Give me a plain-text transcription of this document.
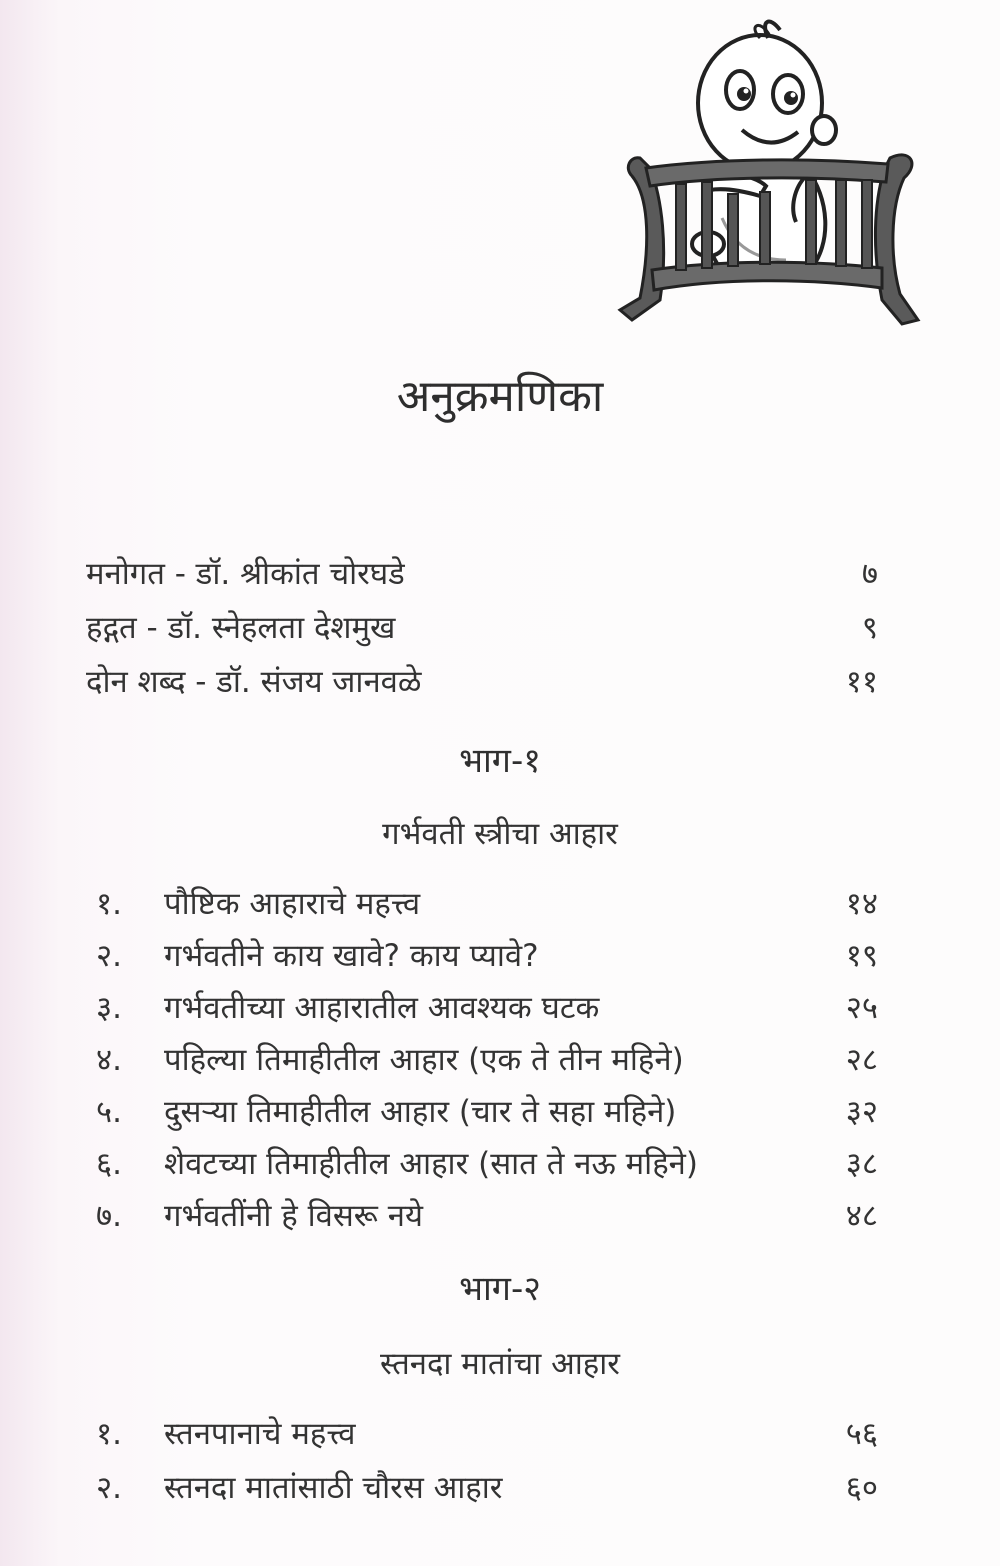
अनुक्रमणिका
मनोगत - डॉ. श्रीकांत चोरघडे	७
हद्गत - डॉ. स्नेहलता देशमुख	९
दोन शब्द - डॉ. संजय जानवळे	११
भाग-१
गर्भवती स्त्रीचा आहार
१.	पौष्टिक आहाराचे महत्त्व	१४
२.	गर्भवतीने काय खावे? काय प्यावे?	१९
३.	गर्भवतीच्या आहारातील आवश्यक घटक	२५
४.	पहिल्या तिमाहीतील आहार (एक ते तीन महिने)	२८
५.	दुसऱ्या तिमाहीतील आहार (चार ते सहा महिने)	३२
६.	शेवटच्या तिमाहीतील आहार (सात ते नऊ महिने)	३८
७.	गर्भवतींनी हे विसरू नये	४८
भाग-२
स्तनदा मातांचा आहार
१.	स्तनपानाचे महत्त्व	५६
२.	स्तनदा मातांसाठी चौरस आहार	६०
